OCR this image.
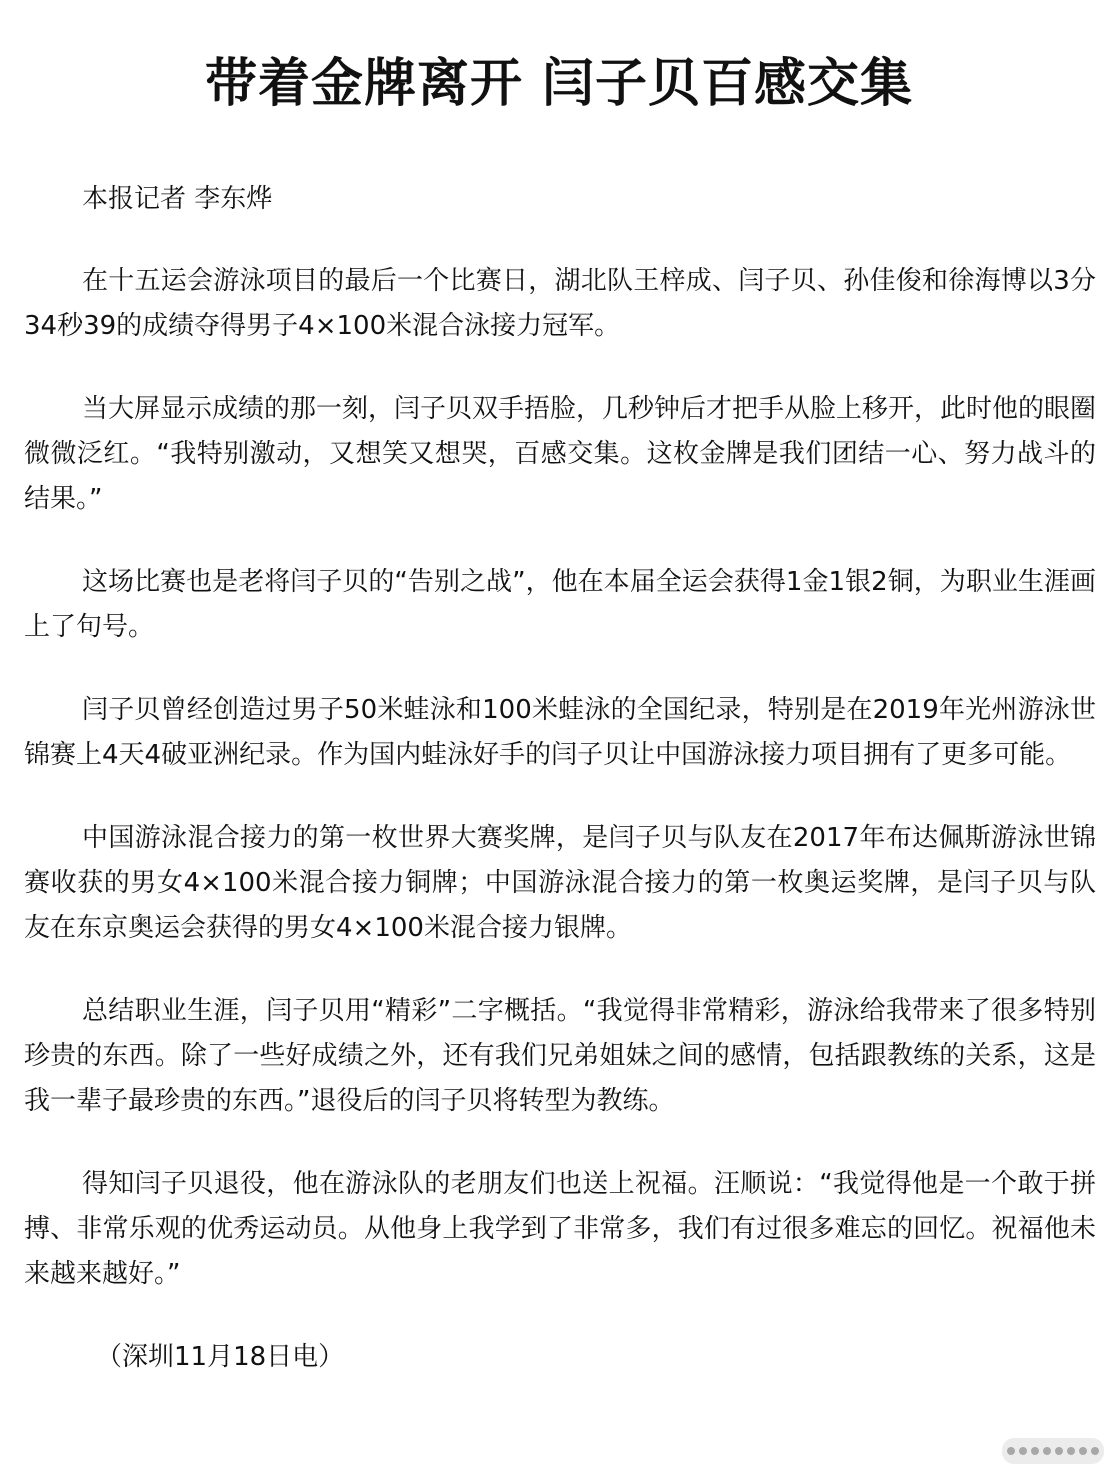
带着金牌离开 闫子贝百感交集

本报记者 李东烨

在十五运会游泳项目的最后一个比赛日，湖北队王梓成、闫子贝、孙佳俊和徐海博以3分34秒39的成绩夺得男子4×100米混合泳接力冠军。

当大屏显示成绩的那一刻，闫子贝双手捂脸，几秒钟后才把手从脸上移开，此时他的眼圈微微泛红。“我特别激动，又想笑又想哭，百感交集。这枚金牌是我们团结一心、努力战斗的结果。”

这场比赛也是老将闫子贝的“告别之战”，他在本届全运会获得1金1银2铜，为职业生涯画上了句号。

闫子贝曾经创造过男子50米蛙泳和100米蛙泳的全国纪录，特别是在2019年光州游泳世锦赛上4天4破亚洲纪录。作为国内蛙泳好手的闫子贝让中国游泳接力项目拥有了更多可能。

中国游泳混合接力的第一枚世界大赛奖牌，是闫子贝与队友在2017年布达佩斯游泳世锦赛收获的男女4×100米混合接力铜牌；中国游泳混合接力的第一枚奥运奖牌，是闫子贝与队友在东京奥运会获得的男女4×100米混合接力银牌。

总结职业生涯，闫子贝用“精彩”二字概括。“我觉得非常精彩，游泳给我带来了很多特别珍贵的东西。除了一些好成绩之外，还有我们兄弟姐妹之间的感情，包括跟教练的关系，这是我一辈子最珍贵的东西。”退役后的闫子贝将转型为教练。

得知闫子贝退役，他在游泳队的老朋友们也送上祝福。汪顺说：“我觉得他是一个敢于拼搏、非常乐观的优秀运动员。从他身上我学到了非常多，我们有过很多难忘的回忆。祝福他未来越来越好。”

（深圳11月18日电）
